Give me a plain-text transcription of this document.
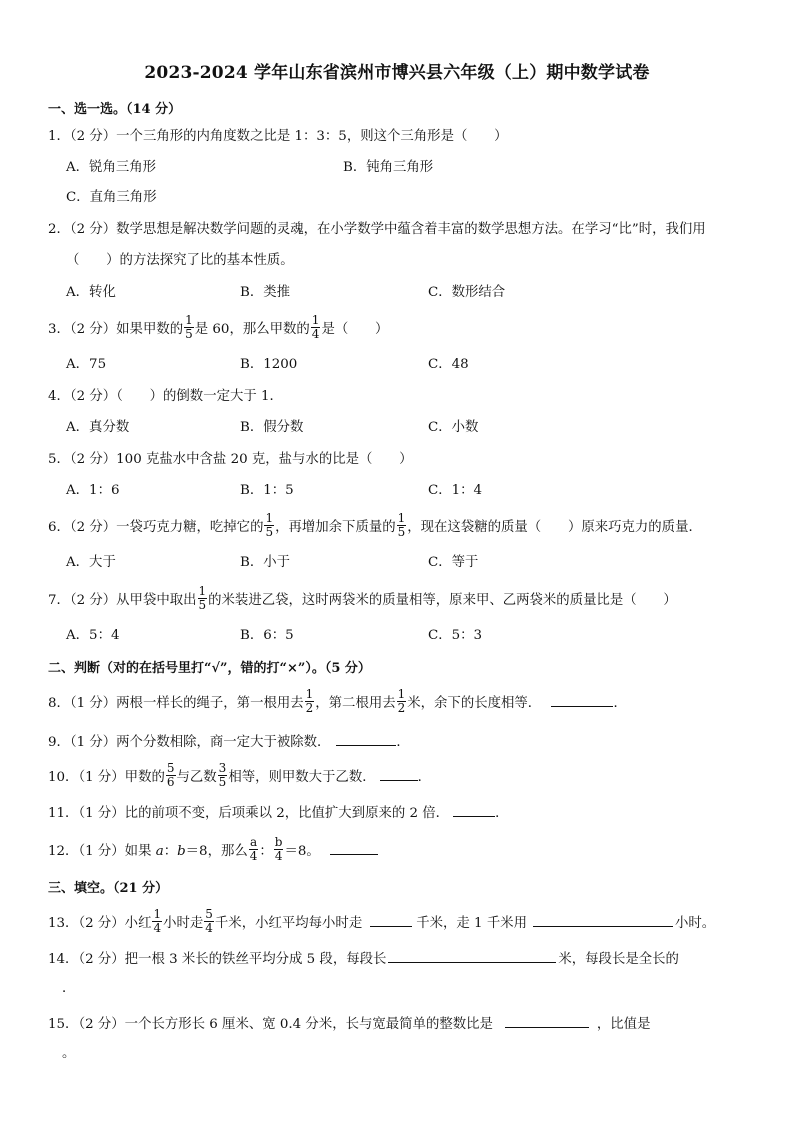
2023-2024 学年山东省滨州市博兴县六年级（上）期中数学试卷
一、选一选。（14 分）
1．（2 分）一个三角形的内角度数之比是 1：3：5，则这个三角形是（　　）
A．锐角三角形	B．钝角三角形
C．直角三角形
2．（2 分）数学思想是解决数学问题的灵魂，在小学数学中蕴含着丰富的数学思想方法。在学习“比”时，我们用
（　　）的方法探究了比的基本性质。
A．转化	B．类推	C．数形结合
3．（2 分）如果甲数的 $\frac{1}{5}$ 是 60，那么甲数的 $\frac{1}{4}$ 是（　　）
A．75	B．1200	C．48
4．（2 分）（　　）的倒数一定大于 1．
A．真分数	B．假分数	C．小数
5．（2 分）100 克盐水中含盐 20 克，盐与水的比是（　　）
A．1：6	B．1：5	C．1：4
6．（2 分）一袋巧克力糖，吃掉它的 $\frac{1}{5}$ ，再增加余下质量的 $\frac{1}{5}$ ，现在这袋糖的质量（　　）原来巧克力的质量．
A．大于	B．小于	C．等于
7．（2 分）从甲袋中取出 $\frac{1}{5}$ 的米装进乙袋，这时两袋米的质量相等，原来甲、乙两袋米的质量比是（　　）
A．5：4	B．6：5	C．5：3
二、判断（对的在括号里打“√”，错的打“×”）。（5 分）
8．（1 分）两根一样长的绳子，第一根用去 $\frac{1}{2}$ ，第二根用去 $\frac{1}{2}$ 米，余下的长度相等．	．
9．（1 分）两个分数相除，商一定大于被除数．	．
10．（1 分）甲数的 $\frac{5}{6}$ 与乙数 $\frac{3}{5}$ 相等，则甲数大于乙数．	．
11．（1 分）比的前项不变，后项乘以 2，比值扩大到原来的 2 倍．	．
12．（1 分）如果 a：b＝8，那么 $\frac{a}{4}$ ： $\frac{b}{4} =8$。
三、填空。（21 分）
13．（2 分）小红 $\frac{1}{4}$ 小时走 $\frac{5}{4}$ 千米，小红平均每小时走	千米，走 1 千米用	小时。
14．（2 分）把一根 3 米长的铁丝平均分成 5 段，每段长	米，每段长是全长的
．
15．（2 分）一个长方形长 6 厘米、宽 0.4 分米，长与宽最简单的整数比是	，比值是
。
